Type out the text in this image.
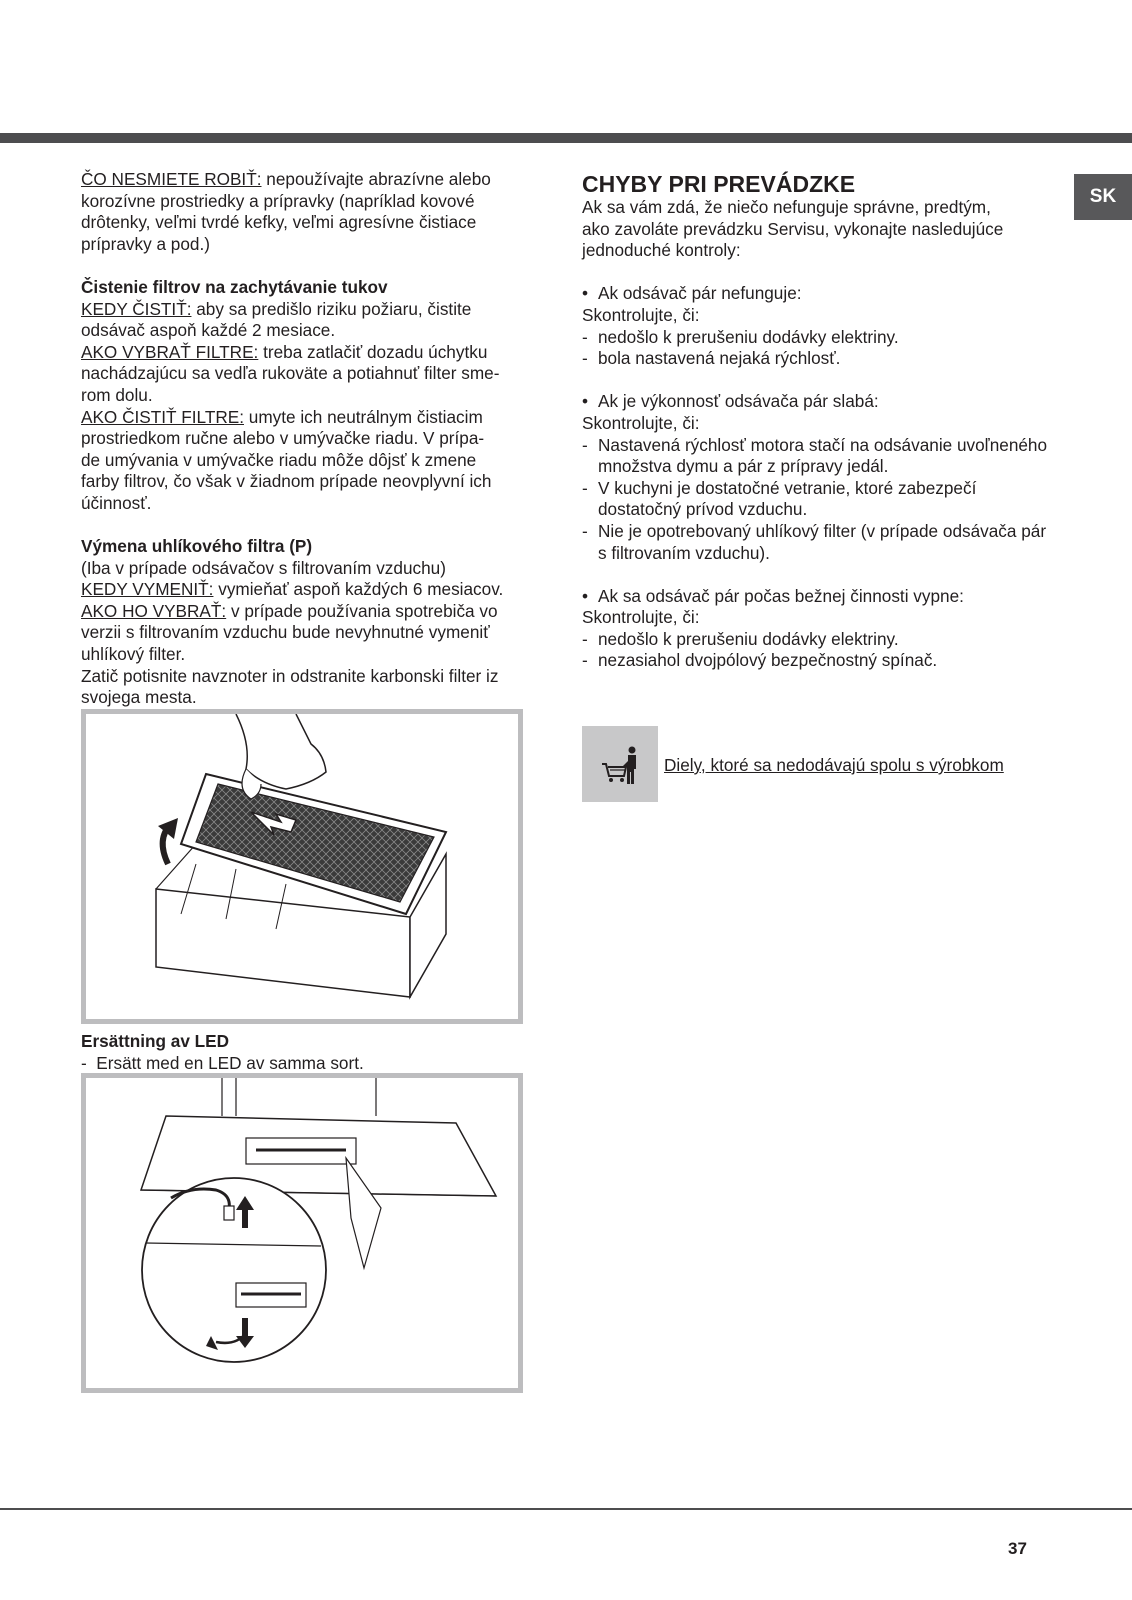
SK

ČO NESMIETE ROBIŤ: nepoužívajte abrazívne alebo
korozívne prostriedky a prípravky (napríklad kovové
drôtenky, veľmi tvrdé kefky, veľmi agresívne čistiace
prípravky a pod.)

Čistenie filtrov na zachytávanie tukov

KEDY ČISTIŤ: aby sa predišlo riziku požiaru, čistite
odsávač aspoň každé 2 mesiace.

AKO VYBRAŤ FILTRE: treba zatlačiť dozadu úchytku
nachádzajúcu sa vedľa rukoväte a potiahnuť filter sme-
rom dolu.

AKO ČISTIŤ FILTRE: umyte ich neutrálnym čistiacim
prostriedkom ručne alebo v umývačke riadu. V prípa-
de umývania v umývačke riadu môže dôjsť k zmene
farby filtrov, čo však v žiadnom prípade neovplyvní ich
účinnosť.

Výmena uhlíkového filtra (P)

(Iba v prípade odsávačov s filtrovaním vzduchu)

KEDY VYMENIŤ: vymieňať aspoň každých 6 mesiacov.

AKO HO VYBRAŤ: v prípade používania spotrebiča vo
verzii s filtrovaním vzduchu bude nevyhnutné vymeniť
uhlíkový filter.

Zatič potisnite navznoter in odstranite karbonski filter iz
svojega mesta.

Ersättning av LED
- Ersätt med en LED av samma sort.

CHYBY PRI PREVÁDZKE

Ak sa vám zdá, že niečo nefunguje správne, predtým,
ako zavoláte prevádzku Servisu, vykonajte nasledujúce
jednoduché kontroly:

• Ak odsávač pár nefunguje:

Skontrolujte, či:

- nedošlo k prerušeniu dodávky elektriny.
- bola nastavená nejaká rýchlosť.
• Ak je výkonnosť odsávača pár slabá:

Skontrolujte, či:

- Nastavená rýchlosť motora stačí na odsávanie uvoľneného množstva dymu a pár z prípravy jedál.
- V kuchyni je dostatočné vetranie, ktoré zabezpečí dostatočný prívod vzduchu.
- Nie je opotrebovaný uhlíkový filter (v prípade odsávača pár s filtrovaním vzduchu).
• Ak sa odsávač pár počas bežnej činnosti vypne:

Skontrolujte, či:

- nedošlo k prerušeniu dodávky elektriny.
- nezasiahol dvojpólový bezpečnostný spínač.

Diely, ktoré sa nedodávajú spolu s výrobkom

37
